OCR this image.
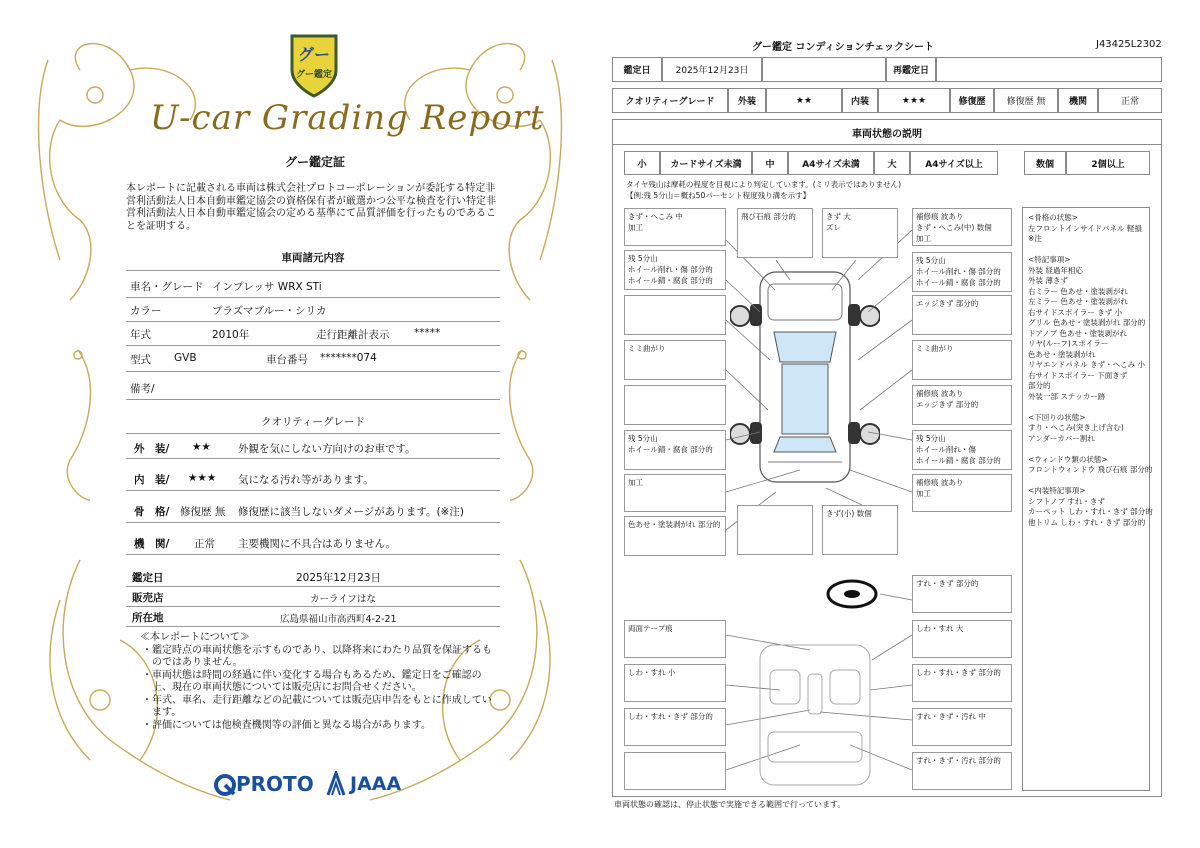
グー
グー鑑定
U-car Grading Report
グー鑑定証
本レポートに記載される車両は株式会社プロトコーポレーションが委託する特定非営利活動法人日本自動車鑑定協会の資格保有者が厳選かつ公平な検査を行い特定非営利活動法人日本自動車鑑定協会の定める基準にて品質評価を行ったものであることを証明する。
車両諸元内容
車名・グレード インプレッサ WRX STi
カラー	プラズマブルー・シリカ
年式	2010年	走行距離計表示 *****
型式 GVB	車台番号 *******074
備考/
クオリティーグレード
外　装/ ★★	外観を気にしない方向けのお車です。
内　装/ ★★★ 気になる汚れ等があります。
骨　格/ 修復歴 無 修復歴に該当しないダメージがあります。(※注)
機　関/ 正常 主要機関に不具合はありません。
鑑定日	2025年12月23日
販売店	カーライフはな
所在地	広島県福山市高西町4-2-21
≪本レポートについて≫
・鑑定時点の車両状態を示すものであり、以降将来にわたり品質を保証するものではありません。
・車両状態は時間の経過に伴い変化する場合もあるため、鑑定日をご確認の上、現在の車両状態については販売店にお問合せください。
・年式、車名、走行距離などの記載については販売店申告をもとに作成しています。
・評価については他検査機関等の評価と異なる場合があります。
PROTO JAAA
グー鑑定 コンディションチェックシート	J43425L2302
鑑定日	2025年12月23日	再鑑定日
クオリティーグレード	外装	★★	内装	★★★	修復歴	修復歴 無	機関	正常
車両状態の説明
小	カードサイズ未満	中	A4サイズ未満	大	A4サイズ以上	数個	2個以上
タイヤ残山は摩耗の程度を目視により判定しています。(ミリ表示ではありません)
【例:残 5分山＝概ね50パーセント程度残り溝を示す】
きず・へこみ 中
加工
飛び石痕 部分的	きず 大
ズレ
補修痕 波あり
きず・へこみ(中) 数個
加工
残 5分山
ホイール削れ・傷 部分的
ホイール錆・腐食 部分的
残 5分山
ホイール削れ・傷 部分的
ホイール錆・腐食 部分的
エッジきず 部分的
ミミ曲がり	ミミ曲がり
補修痕 波あり
エッジきず 部分的
残 5分山
ホイール錆・腐食 部分的
残 5分山
ホイール削れ・傷
ホイール錆・腐食 部分的
加工	補修痕 波あり
加工
色あせ・塗装剥がれ 部分的
きず(小) 数個
すれ・きず 部分的
両面テープ痕	しわ・すれ 大
しわ・すれ 小	しわ・すれ・きず 部分的
しわ・すれ・きず 部分的	すれ・きず・汚れ 中
すれ・きず・汚れ 部分的
<骨格の状態>
左フロントインサイドパネル 軽損
※注

<特記事項>
外装 経過年相応
外装 薄きず
右ミラー 色あせ・塗装剥がれ
左ミラー 色あせ・塗装剥がれ
右サイドスポイラー きず 小
グリル 色あせ・塗装剥がれ 部分的
ドアノブ 色あせ・塗装剥がれ
リヤ(ルーフ)スポイラー
色あせ・塗装剥がれ
リヤエンドパネル きず・へこみ 小
右サイドスポイラー 下面きず
部分的
外装一部 ステッカー跡

<下回りの状態>
すり・へこみ(突き上げ含む)
アンダーカバー割れ

<ウィンドウ類の状態>
フロントウィンドウ 飛び石痕 部分的

<内装特記事項>
シフトノブ すれ・きず
カーペット しわ・すれ・きず 部分的
他トリム しわ・すれ・きず 部分的
車両状態の確認は、停止状態で実施できる範囲で行っています。
